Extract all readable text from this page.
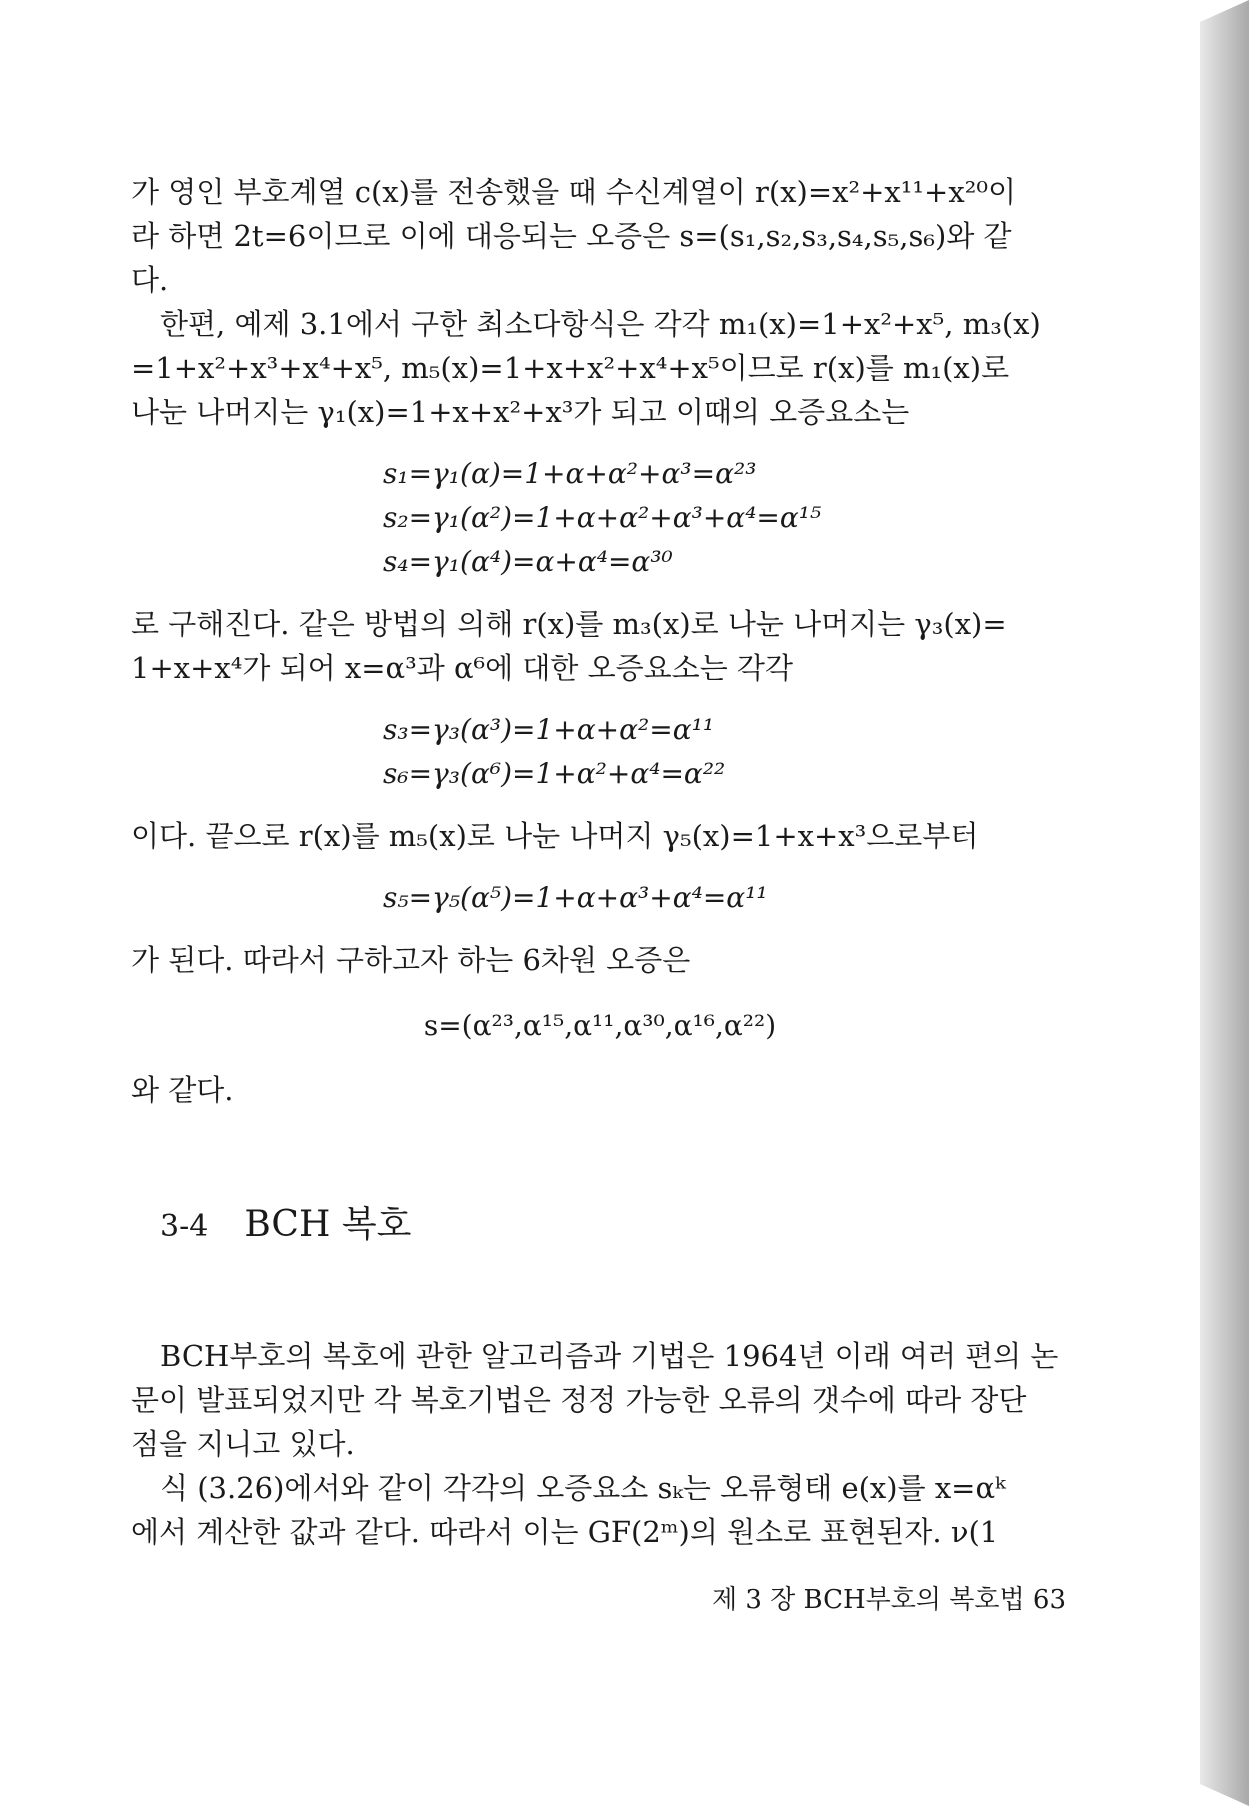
가 영인 부호계열 c(x)를 전송했을 때 수신계열이 r(x)=x²+x¹¹+x²⁰이
라 하면 2t=6이므로 이에 대응되는 오증은 s=(s₁,s₂,s₃,s₄,s₅,s₆)와 같
다.
한편, 예제 3.1에서 구한 최소다항식은 각각 m₁(x)=1+x²+x⁵, m₃(x)
=1+x²+x³+x⁴+x⁵, m₅(x)=1+x+x²+x⁴+x⁵이므로 r(x)를 m₁(x)로
나눈 나머지는 γ₁(x)=1+x+x²+x³가 되고 이때의 오증요소는
s₁=γ₁(α)=1+α+α²+α³=α²³
s₂=γ₁(α²)=1+α+α²+α³+α⁴=α¹⁵
s₄=γ₁(α⁴)=α+α⁴=α³⁰
로 구해진다. 같은 방법의 의해 r(x)를 m₃(x)로 나눈 나머지는 γ₃(x)=
1+x+x⁴가 되어 x=α³과 α⁶에 대한 오증요소는 각각
s₃=γ₃(α³)=1+α+α²=α¹¹
s₆=γ₃(α⁶)=1+α²+α⁴=α²²
이다. 끝으로 r(x)를 m₅(x)로 나눈 나머지 γ₅(x)=1+x+x³으로부터
s₅=γ₅(α⁵)=1+α+α³+α⁴=α¹¹
가 된다. 따라서 구하고자 하는 6차원 오증은
s=(α²³,α¹⁵,α¹¹,α³⁰,α¹⁶,α²²)
와 같다.
3-4 BCH 복호
BCH부호의 복호에 관한 알고리즘과 기법은 1964년 이래 여러 편의 논
문이 발표되었지만 각 복호기법은 정정 가능한 오류의 갯수에 따라 장단
점을 지니고 있다.
식 (3.26)에서와 같이 각각의 오증요소 sₖ는 오류형태 e(x)를 x=αᵏ
에서 계산한 값과 같다. 따라서 이는 GF(2ᵐ)의 원소로 표현된자. ν(1
제 3 장 BCH부호의 복호법 63
